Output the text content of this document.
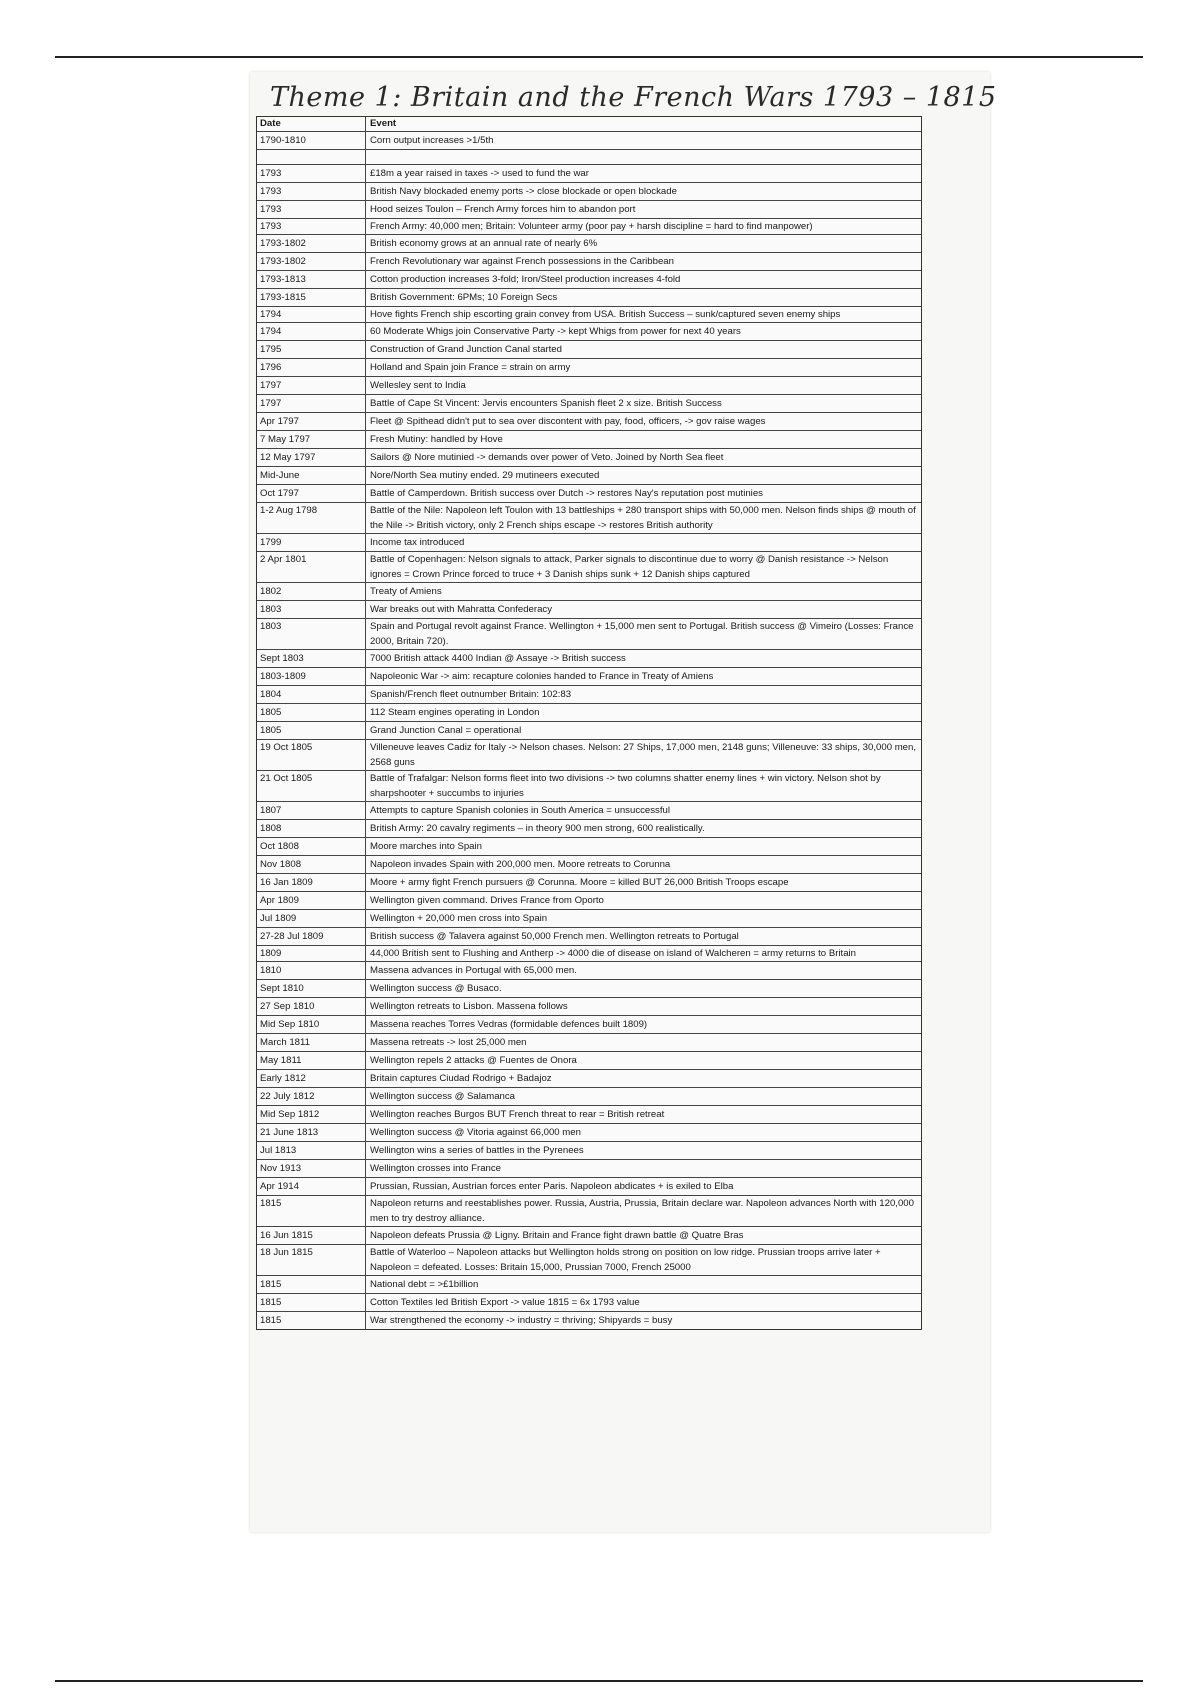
Theme 1: Britain and the French Wars 1793 – 1815
Date	Event
1790-1810	Corn output increases >1/5th
1793	£18m a year raised in taxes -> used to fund the war
1793	British Navy blockaded enemy ports -> close blockade or open blockade
1793	Hood seizes Toulon – French Army forces him to abandon port
1793	French Army: 40,000 men; Britain: Volunteer army (poor pay + harsh discipline = hard to find manpower)
1793-1802	British economy grows at an annual rate of nearly 6%
1793-1802	French Revolutionary war against French possessions in the Caribbean
1793-1813	Cotton production increases 3-fold; Iron/Steel production increases 4-fold
1793-1815	British Government: 6PMs; 10 Foreign Secs
1794	Hove fights French ship escorting grain convey from USA. British Success – sunk/captured seven enemy ships
1794	60 Moderate Whigs join Conservative Party -> kept Whigs from power for next 40 years
1795	Construction of Grand Junction Canal started
1796	Holland and Spain join France = strain on army
1797	Wellesley sent to India
1797	Battle of Cape St Vincent: Jervis encounters Spanish fleet 2 x size. British Success
Apr 1797	Fleet @ Spithead didn't put to sea over discontent with pay, food, officers, -> gov raise wages
7 May 1797	Fresh Mutiny: handled by Hove
12 May 1797	Sailors @ Nore mutinied -> demands over power of Veto. Joined by North Sea fleet
Mid-June	Nore/North Sea mutiny ended. 29 mutineers executed
Oct 1797	Battle of Camperdown. British success over Dutch -> restores Nay's reputation post mutinies
1-2 Aug 1798	Battle of the Nile: Napoleon left Toulon with 13 battleships + 280 transport ships with 50,000 men. Nelson finds ships @ mouth of the Nile -> British victory, only 2 French ships escape -> restores British authority
1799	Income tax introduced
2 Apr 1801	Battle of Copenhagen: Nelson signals to attack, Parker signals to discontinue due to worry @ Danish resistance -> Nelson ignores = Crown Prince forced to truce + 3 Danish ships sunk + 12 Danish ships captured
1802	Treaty of Amiens
1803	War breaks out with Mahratta Confederacy
1803	Spain and Portugal revolt against France. Wellington + 15,000 men sent to Portugal. British success @ Vimeiro (Losses: France 2000, Britain 720).
Sept 1803	7000 British attack 4400 Indian @ Assaye -> British success
1803-1809	Napoleonic War -> aim: recapture colonies handed to France in Treaty of Amiens
1804	Spanish/French fleet outnumber Britain: 102:83
1805	112 Steam engines operating in London
1805	Grand Junction Canal = operational
19 Oct 1805	Villeneuve leaves Cadiz for Italy -> Nelson chases. Nelson: 27 Ships, 17,000 men, 2148 guns; Villeneuve: 33 ships, 30,000 men, 2568 guns
21 Oct 1805	Battle of Trafalgar: Nelson forms fleet into two divisions -> two columns shatter enemy lines + win victory. Nelson shot by sharpshooter + succumbs to injuries
1807	Attempts to capture Spanish colonies in South America = unsuccessful
1808	British Army: 20 cavalry regiments – in theory 900 men strong, 600 realistically.
Oct 1808	Moore marches into Spain
Nov 1808	Napoleon invades Spain with 200,000 men. Moore retreats to Corunna
16 Jan 1809	Moore + army fight French pursuers @ Corunna. Moore = killed BUT 26,000 British Troops escape
Apr 1809	Wellington given command. Drives France from Oporto
Jul 1809	Wellington + 20,000 men cross into Spain
27-28 Jul 1809	British success @ Talavera against 50,000 French men. Wellington retreats to Portugal
1809	44,000 British sent to Flushing and Antherp -> 4000 die of disease on island of Walcheren = army returns to Britain
1810	Massena advances in Portugal with 65,000 men.
Sept 1810	Wellington success @ Busaco.
27 Sep 1810	Wellington retreats to Lisbon. Massena follows
Mid Sep 1810	Massena reaches Torres Vedras (formidable defences built 1809)
March 1811	Massena retreats -> lost 25,000 men
May 1811	Wellington repels 2 attacks @ Fuentes de Onora
Early 1812	Britain captures Ciudad Rodrigo + Badajoz
22 July 1812	Wellington success @ Salamanca
Mid Sep 1812	Wellington reaches Burgos BUT French threat to rear = British retreat
21 June 1813	Wellington success @ Vitoria against 66,000 men
Jul 1813	Wellington wins a series of battles in the Pyrenees
Nov 1913	Wellington crosses into France
Apr 1914	Prussian, Russian, Austrian forces enter Paris. Napoleon abdicates + is exiled to Elba
1815	Napoleon returns and reestablishes power. Russia, Austria, Prussia, Britain declare war. Napoleon advances North with 120,000 men to try destroy alliance.
16 Jun 1815	Napoleon defeats Prussia @ Ligny. Britain and France fight drawn battle @ Quatre Bras
18 Jun 1815	Battle of Waterloo – Napoleon attacks but Wellington holds strong on position on low ridge. Prussian troops arrive later + Napoleon = defeated. Losses: Britain 15,000, Prussian 7000, French 25000
1815	National debt = >£1billion
1815	Cotton Textiles led British Export -> value 1815 = 6x 1793 value
1815	War strengthened the economy -> industry = thriving; Shipyards = busy
